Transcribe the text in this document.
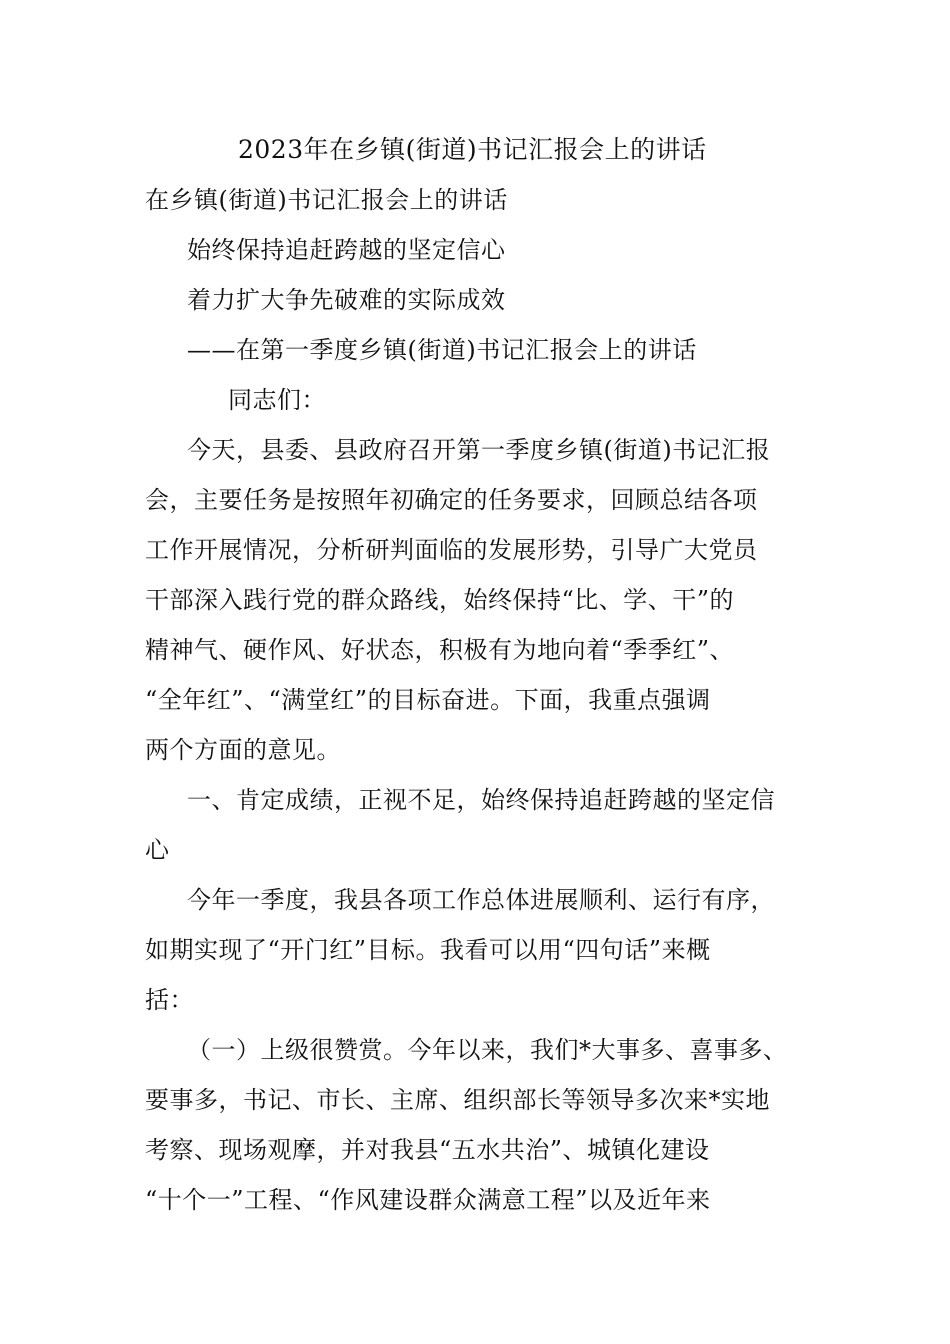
2023年在乡镇(街道)书记汇报会上的讲话
在乡镇(街道)书记汇报会上的讲话
始终保持追赶跨越的坚定信心
着力扩大争先破难的实际成效
——在第一季度乡镇(街道)书记汇报会上的讲话
同志们：
今天，县委、县政府召开第一季度乡镇(街道)书记汇报
会，主要任务是按照年初确定的任务要求，回顾总结各项
工作开展情况，分析研判面临的发展形势，引导广大党员
干部深入践行党的群众路线，始终保持“比、学、干”的
精神气、硬作风、好状态，积极有为地向着“季季红”、
“全年红”、“满堂红”的目标奋进。下面，我重点强调
两个方面的意见。
一、肯定成绩，正视不足，始终保持追赶跨越的坚定信
心
今年一季度，我县各项工作总体进展顺利、运行有序，
如期实现了“开门红”目标。我看可以用“四句话”来概
括：
（一）上级很赞赏。今年以来，我们*大事多、喜事多、
要事多，书记、市长、主席、组织部长等领导多次来*实地
考察、现场观摩，并对我县“五水共治”、城镇化建设
“十个一”工程、“作风建设群众满意工程”以及近年来
